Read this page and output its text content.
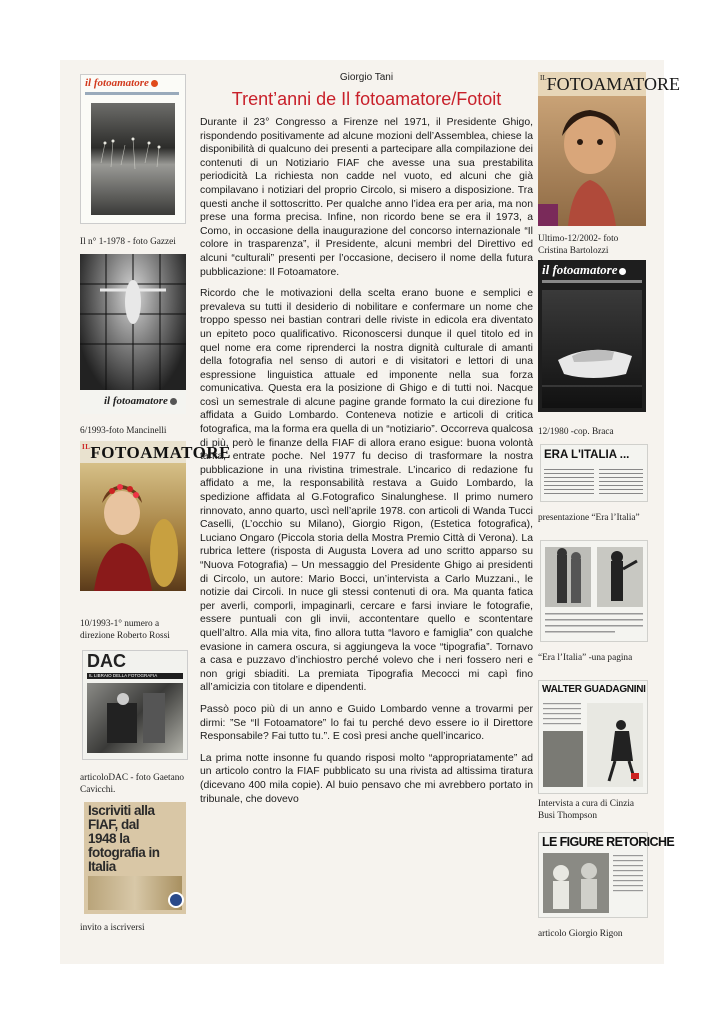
il fotoamatore
Il n° 1-1978 - foto Gazzei
il fotoamatore
6/1993-foto Mancinelli
$^{IL}$FOTOAMATORE
10/1993-1° numero a direzione Roberto Rossi
DAC
IL LIBRAIO DELLA FOTOGRAFIA
articoloDAC - foto Gaetano Cavicchi.
Iscriviti alla FIAF, dal 1948 la fotografia in Italia
invito a iscriversi
Giorgio Tani
Trent’anni de Il fotoamatore/Fotoit

Durante il 23° Congresso a Firenze nel 1971, il Presidente Ghigo, rispondendo positivamente ad alcune mozioni dell’Assemblea, chiese la disponibilità di qualcuno dei presenti a partecipare alla compilazione dei contenuti di un Notiziario FIAF che avesse una sua prestabilita periodicità La richiesta non cadde nel vuoto, ed alcuni che già compilavano i notiziari del proprio Circolo, si misero a disposizione. Tra questi anche il sottoscritto. Per qualche anno l’idea era per aria, ma non prese una forma precisa. Infine, non ricordo bene se era il 1973, a Como, in occasione della inaugurazione del concorso internazionale “Il colore in trasparenza”, il Presidente, alcuni membri del Direttivo ed alcuni “culturali” presenti per l’occasione, decisero il nome della futura pubblicazione: Il Fotoamatore.

Ricordo che le motivazioni della scelta erano buone e semplici e prevaleva su tutti il desiderio di nobilitare e confermare un nome che troppo spesso nei bastian contrari delle riviste in edicola era diventato un epiteto poco qualificativo. Riconoscersi dunque il quel titolo ed in quel nome era come riprenderci la nostra dignità culturale di amanti della fotografia nel senso di autori e di visitatori e lettori di una espressione linguistica attuale ed imponente nella sua forza comunicativa. Questa era la posizione di Ghigo e di tutti noi. Nacque così un semestrale di alcune pagine grande formato la cui direzione fu affidata a Guido Lombardo. Conteneva notizie e articoli di critica fotografica, ma la forma era quella di un “notiziario”. Occorreva qualcosa di più, però le finanze della FIAF di allora erano esigue: buona volontà tanta, entrate poche. Nel 1977 fu deciso di trasformare la nostra pubblicazione in una rivistina trimestrale. L’incarico di redazione fu affidato a me, la responsabilità restava a Guido Lombardo, la spedizione affidata al G.Fotografico Sinalunghese. Il primo numero rinnovato, anno quarto, uscì nell’aprile 1978. con articoli di Wanda Tucci Caselli, (L’occhio su Milano), Giorgio Rigon, (Estetica fotografica), Luciano Ongaro (Piccola storia della Mostra Premio Città di Verona). La rubrica lettere (risposta di Augusta Lovera ad uno scritto apparso su “Nuova Fotografia) – Un messaggio del Presidente Ghigo ai presidenti di Circolo, un autore: Mario Bocci, un’intervista a Carlo Muzzani., le notizie dai Circoli. In nuce gli stessi contenuti di ora. Ma quanta fatica per averli, comporli, impaginarli, cercare e farsi inviare le fotografie, essere puntuali con gli invii, accontentare quello e scontentare quell’altro. Alla mia vita, fino allora tutta “lavoro e famiglia” con qualche evasione in camera oscura, si aggiungeva la voce “tipografia”. Tornavo a casa e puzzavo d’inchiostro perché volevo che i neri fossero neri e non grigi sbiaditi. La premiata Tipografia Mecocci mi capì fino all’amicizia con titolare e dipendenti.

Passò poco più di un anno e Guido Lombardo venne a trovarmi per dirmi: ”Se “Il Fotoamatore” lo fai tu perché devo essere io il Direttore Responsabile? Fai tutto tu.”. E così presi anche quell’incarico.

La prima notte insonne fu quando risposi molto “appropriatamente” ad un articolo contro la FIAF pubblicato su una rivista ad altissima tiratura (dicevano 400 mila copie). Al buio pensavo che mi avrebbero portato in tribunale, che dovevo

$^{IL}$FOTOAMATORE
Ultimo-12/2002- foto Cristina Bartolozzi
il fotoamatore
12/1980 -cop. Braca
ERA L'ITALIA ...
presentazione “Era l’Italia”
“Era l’Italia” -una pagina
WALTER GUADAGNINI
Intervista a cura di Cinzia Busi Thompson
LE FIGURE RETORICHE
articolo Giorgio Rigon
